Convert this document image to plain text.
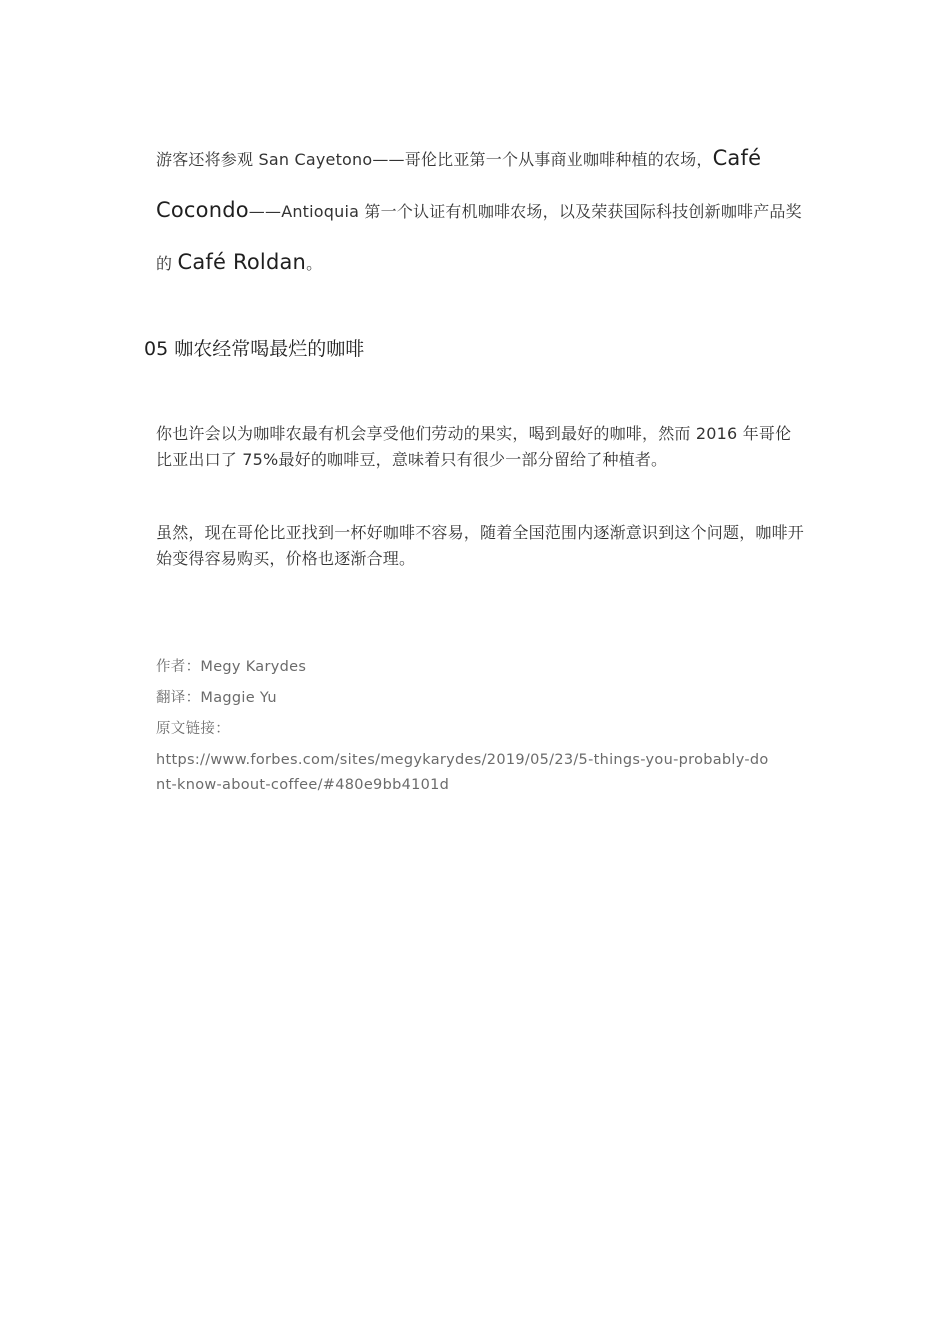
游客还将参观 San Cayetono——哥伦比亚第一个从事商业咖啡种植的农场，Café Cocondo——Antioquia 第一个认证有机咖啡农场，以及荣获国际科技创新咖啡产品奖的 Café Roldan。

05 咖农经常喝最烂的咖啡

你也许会以为咖啡农最有机会享受他们劳动的果实，喝到最好的咖啡，然而 2016 年哥伦比亚出口了 75%最好的咖啡豆，意味着只有很少一部分留给了种植者。

虽然，现在哥伦比亚找到一杯好咖啡不容易，随着全国范围内逐渐意识到这个问题，咖啡开始变得容易购买，价格也逐渐合理。

作者：Megy Karydes

翻译：Maggie Yu

原文链接：

https://www.forbes.com/sites/megykarydes/2019/05/23/5-things-you-probably-dont-know-about-coffee/#480e9bb4101d
